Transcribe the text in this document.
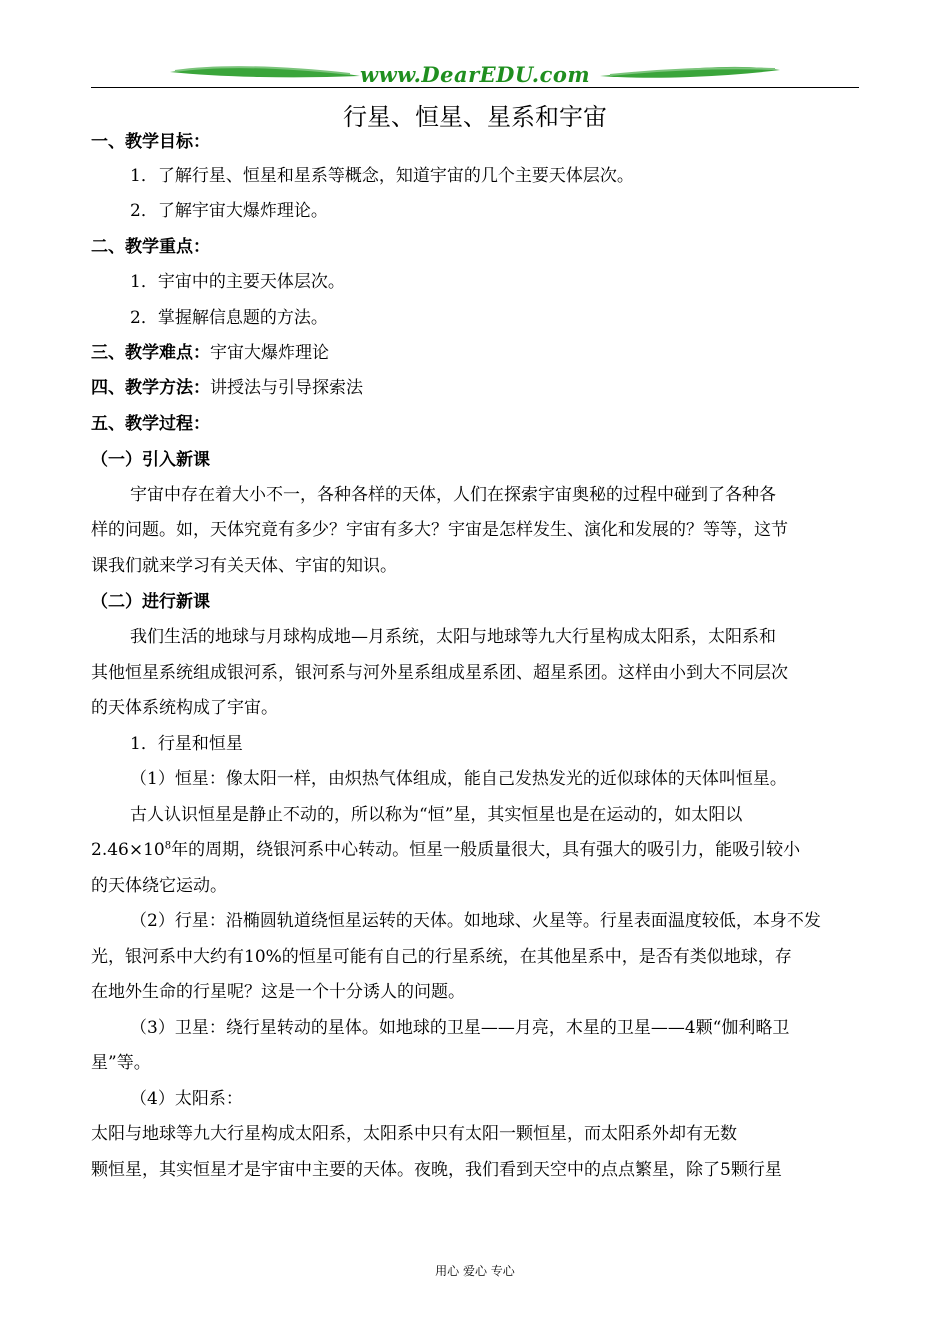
www.DearEDU.com
行星、恒星、星系和宇宙
一、教学目标：
1．了解行星、恒星和星系等概念，知道宇宙的几个主要天体层次。
2．了解宇宙大爆炸理论。
二、教学重点：
1．宇宙中的主要天体层次。
2．掌握解信息题的方法。
三、教学难点：宇宙大爆炸理论
四、教学方法：讲授法与引导探索法
五、教学过程：
（一）引入新课
宇宙中存在着大小不一，各种各样的天体，人们在探索宇宙奥秘的过程中碰到了各种各
样的问题。如，天体究竟有多少？宇宙有多大？宇宙是怎样发生、演化和发展的？等等，这节
课我们就来学习有关天体、宇宙的知识。
（二）进行新课
我们生活的地球与月球构成地—月系统，太阳与地球等九大行星构成太阳系，太阳系和
其他恒星系统组成银河系，银河系与河外星系组成星系团、超星系团。这样由小到大不同层次
的天体系统构成了宇宙。
1．行星和恒星
（1）恒星：像太阳一样，由炽热气体组成，能自己发热发光的近似球体的天体叫恒星。
古人认识恒星是静止不动的，所以称为“恒”星，其实恒星也是在运动的，如太阳以
$2.46\times 10^8$年的周期，绕银河系中心转动。恒星一般质量很大，具有强大的吸引力，能吸引较小
的天体绕它运动。
（2）行星：沿椭圆轨道绕恒星运转的天体。如地球、火星等。行星表面温度较低，本身不发
光，银河系中大约有10%的恒星可能有自己的行星系统，在其他星系中，是否有类似地球，存
在地外生命的行星呢？这是一个十分诱人的问题。
（3）卫星：绕行星转动的星体。如地球的卫星——月亮，木星的卫星——4颗“伽利略卫
星”等。
（4）太阳系：
太阳与地球等九大行星构成太阳系，太阳系中只有太阳一颗恒星，而太阳系外却有无数
颗恒星，其实恒星才是宇宙中主要的天体。夜晚，我们看到天空中的点点繁星，除了5颗行星
用心 爱心 专心
